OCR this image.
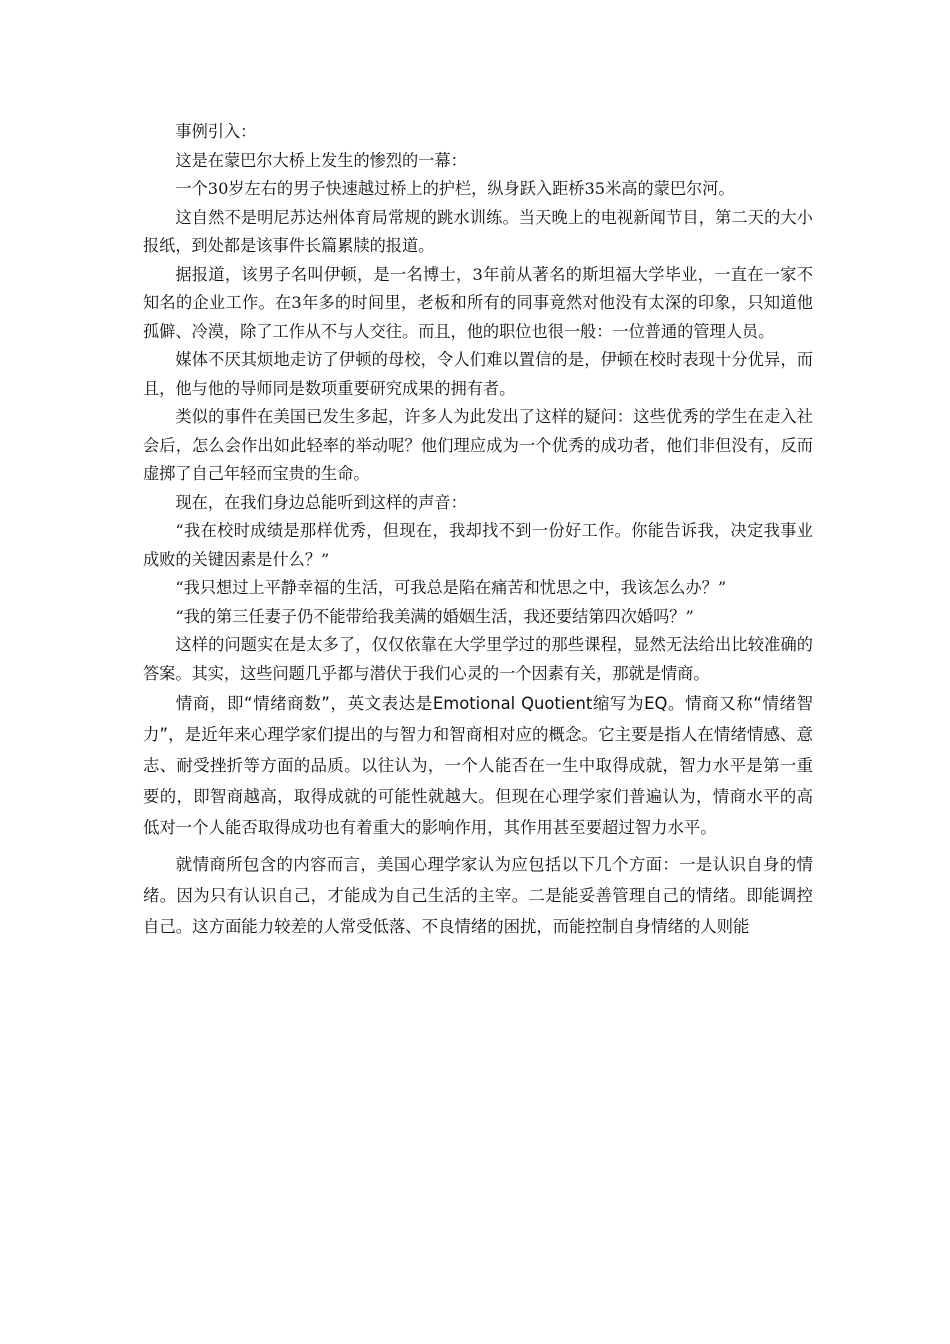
事例引入：

这是在蒙巴尔大桥上发生的惨烈的一幕：

一个30岁左右的男子快速越过桥上的护栏，纵身跃入距桥35米高的蒙巴尔河。

这自然不是明尼苏达州体育局常规的跳水训练。当天晚上的电视新闻节目，第二天的大小报纸，到处都是该事件长篇累牍的报道。

据报道，该男子名叫伊顿，是一名博士，3年前从著名的斯坦福大学毕业，一直在一家不知名的企业工作。在3年多的时间里，老板和所有的同事竟然对他没有太深的印象，只知道他孤僻、冷漠，除了工作从不与人交往。而且，他的职位也很一般：一位普通的管理人员。

媒体不厌其烦地走访了伊顿的母校，令人们难以置信的是，伊顿在校时表现十分优异，而且，他与他的导师同是数项重要研究成果的拥有者。

类似的事件在美国已发生多起，许多人为此发出了这样的疑问：这些优秀的学生在走入社会后，怎么会作出如此轻率的举动呢？他们理应成为一个优秀的成功者，他们非但没有，反而虚掷了自己年轻而宝贵的生命。

现在，在我们身边总能听到这样的声音：

“我在校时成绩是那样优秀，但现在，我却找不到一份好工作。你能告诉我，决定我事业成败的关键因素是什么？”

“我只想过上平静幸福的生活，可我总是陷在痛苦和忧思之中，我该怎么办？”

“我的第三任妻子仍不能带给我美满的婚姻生活，我还要结第四次婚吗？”

这样的问题实在是太多了，仅仅依靠在大学里学过的那些课程，显然无法给出比较准确的答案。其实，这些问题几乎都与潜伏于我们心灵的一个因素有关，那就是情商。

情商，即“情绪商数”，英文表达是Emotional Quotient缩写为EQ。情商又称“情绪智力”，是近年来心理学家们提出的与智力和智商相对应的概念。它主要是指人在情绪情感、意志、耐受挫折等方面的品质。以往认为，一个人能否在一生中取得成就，智力水平是第一重要的，即智商越高，取得成就的可能性就越大。但现在心理学家们普遍认为，情商水平的高低对一个人能否取得成功也有着重大的影响作用，其作用甚至要超过智力水平。

就情商所包含的内容而言，美国心理学家认为应包括以下几个方面：一是认识自身的情绪。因为只有认识自己，才能成为自己生活的主宰。二是能妥善管理自己的情绪。即能调控自己。这方面能力较差的人常受低落、不良情绪的困扰，而能控制自身情绪的人则能
